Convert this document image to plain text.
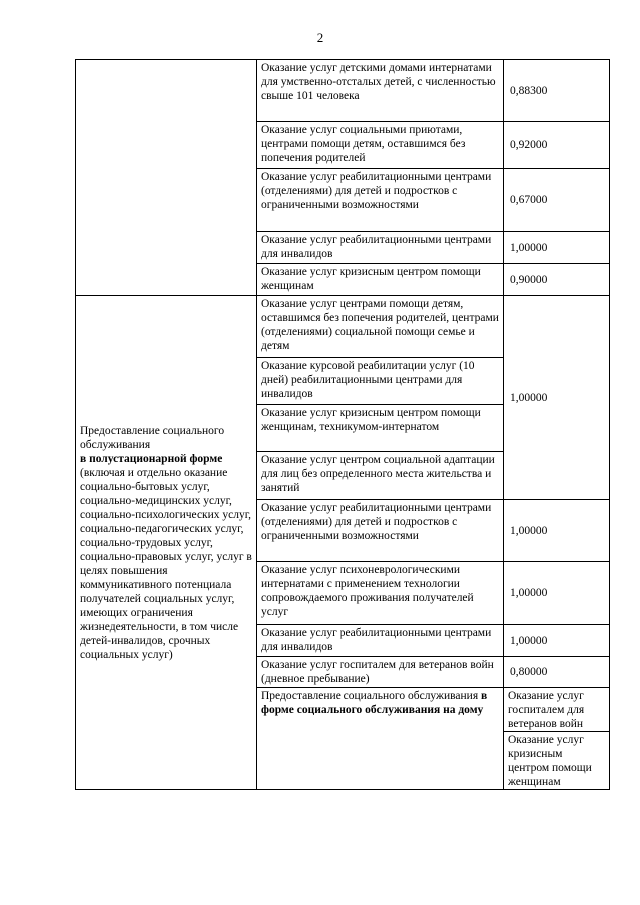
2
	Оказание услуг детскими домами интернатами для умственно-отсталых детей, с численностью свыше 101 человека	0,88300	
	Оказание услуг социальными приютами, центрами помощи детям, оставшимся без попечения родителей	0,92000	
	Оказание услуг реабилитационными центрами (отделениями) для детей и подростков с ограниченными возможностями	0,67000	
	Оказание услуг реабилитационными центрами для инвалидов	1,00000	
	Оказание услуг кризисным центром помощи женщинам	0,90000	
Предоставление социального обслуживания
в полустационарной форме
(включая и отдельно оказание социально-бытовых услуг, социально-медицинских услуг, социально-психологических услуг, социально-педагогических услуг, социально-трудовых услуг, социально-правовых услуг, услуг в целях повышения коммуникативного потенциала получателей социальных услуг, имеющих ограничения жизнедеятельности, в том числе детей-инвалидов, срочных социальных услуг)	Оказание услуг центрами помощи детям, оставшимся без попечения родителей, центрами (отделениями) социальной помощи семье и детям	1,00000	
	Оказание курсовой реабилитации услуг (10 дней) реабилитационными центрами для инвалидов		
	Оказание услуг кризисным центром помощи женщинам, техникумом-интернатом		
	Оказание услуг центром социальной адаптации для лиц без определенного места жительства и занятий		
	Оказание услуг реабилитационными центрами (отделениями) для детей и подростков с ограниченными возможностями	1,00000	
	Оказание услуг психоневрологическими интернатами с применением технологии сопровождаемого проживания получателей услуг	1,00000	
	Оказание услуг реабилитационными центрами для инвалидов	1,00000	
	Оказание услуг госпиталем для ветеранов войн (дневное пребывание)	0,80000	
	Предоставление социального обслуживания в форме социального обслуживания на дому	Оказание услуг госпиталем для ветеранов войн	
		Оказание услуг кризисным центром помощи женщинам	
